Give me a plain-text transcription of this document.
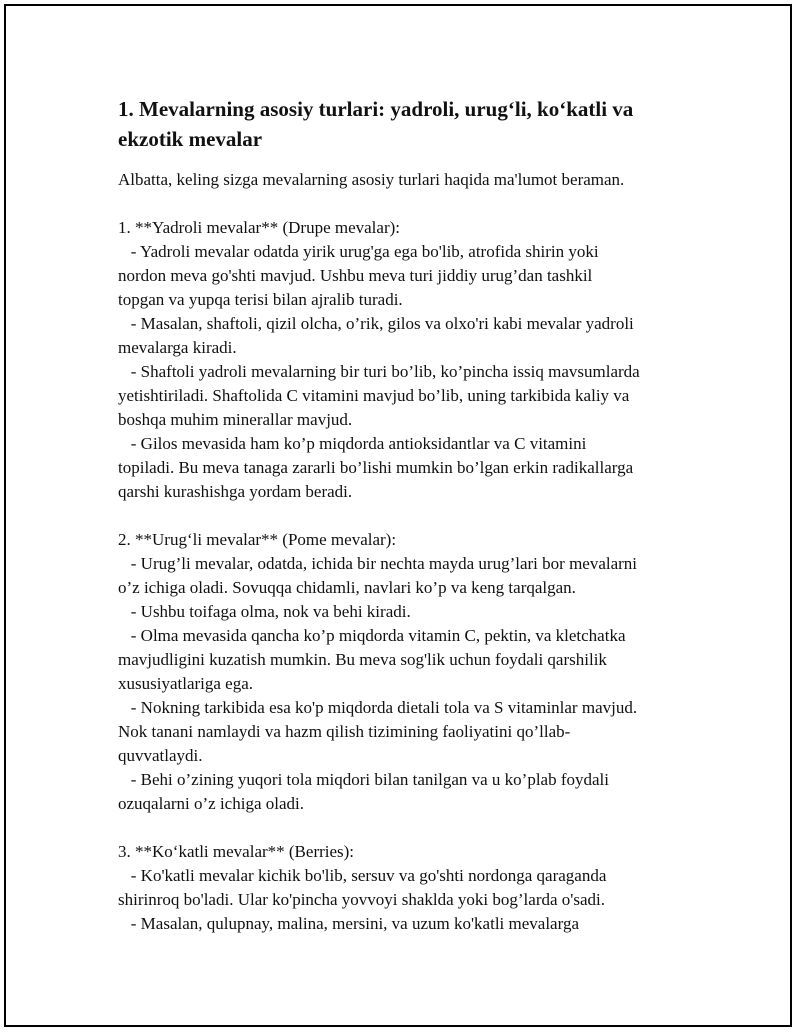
1. Mevalarning asosiy turlari: yadroli, urug‘li, ko‘katli va ekzotik mevalar

Albatta, keling sizga mevalarning asosiy turlari haqida ma'lumot beraman.

1. **Yadroli mevalar** (Drupe mevalar):

- Yadroli mevalar odatda yirik urug'ga ega bo'lib, atrofida shirin yoki

nordon meva go'shti mavjud. Ushbu meva turi jiddiy urug’dan tashkil

topgan va yupqa terisi bilan ajralib turadi.

- Masalan, shaftoli, qizil olcha, o’rik, gilos va olxo'ri kabi mevalar yadroli

mevalarga kiradi.

- Shaftoli yadroli mevalarning bir turi bo’lib, ko’pincha issiq mavsumlarda

yetishtiriladi. Shaftolida C vitamini mavjud bo’lib, uning tarkibida kaliy va

boshqa muhim minerallar mavjud.

- Gilos mevasida ham ko’p miqdorda antioksidantlar va C vitamini

topiladi. Bu meva tanaga zararli bo’lishi mumkin bo’lgan erkin radikallarga

qarshi kurashishga yordam beradi.

2. **Urug‘li mevalar** (Pome mevalar):

- Urug’li mevalar, odatda, ichida bir nechta mayda urug’lari bor mevalarni

o’z ichiga oladi. Sovuqqa chidamli, navlari ko’p va keng tarqalgan.

- Ushbu toifaga olma, nok va behi kiradi.

- Olma mevasida qancha ko’p miqdorda vitamin C, pektin, va kletchatka

mavjudligini kuzatish mumkin. Bu meva sog'lik uchun foydali qarshilik

xususiyatlariga ega.

- Nokning tarkibida esa ko'p miqdorda dietali tola va S vitaminlar mavjud.

Nok tanani namlaydi va hazm qilish tizimining faoliyatini qo’llab-

quvvatlaydi.

- Behi o’zining yuqori tola miqdori bilan tanilgan va u ko’plab foydali

ozuqalarni o’z ichiga oladi.

3. **Ko‘katli mevalar** (Berries):

- Ko'katli mevalar kichik bo'lib, sersuv va go'shti nordonga qaraganda

shirinroq bo'ladi. Ular ko'pincha yovvoyi shaklda yoki bog’larda o'sadi.

- Masalan, qulupnay, malina, mersini, va uzum ko'katli mevalarga
